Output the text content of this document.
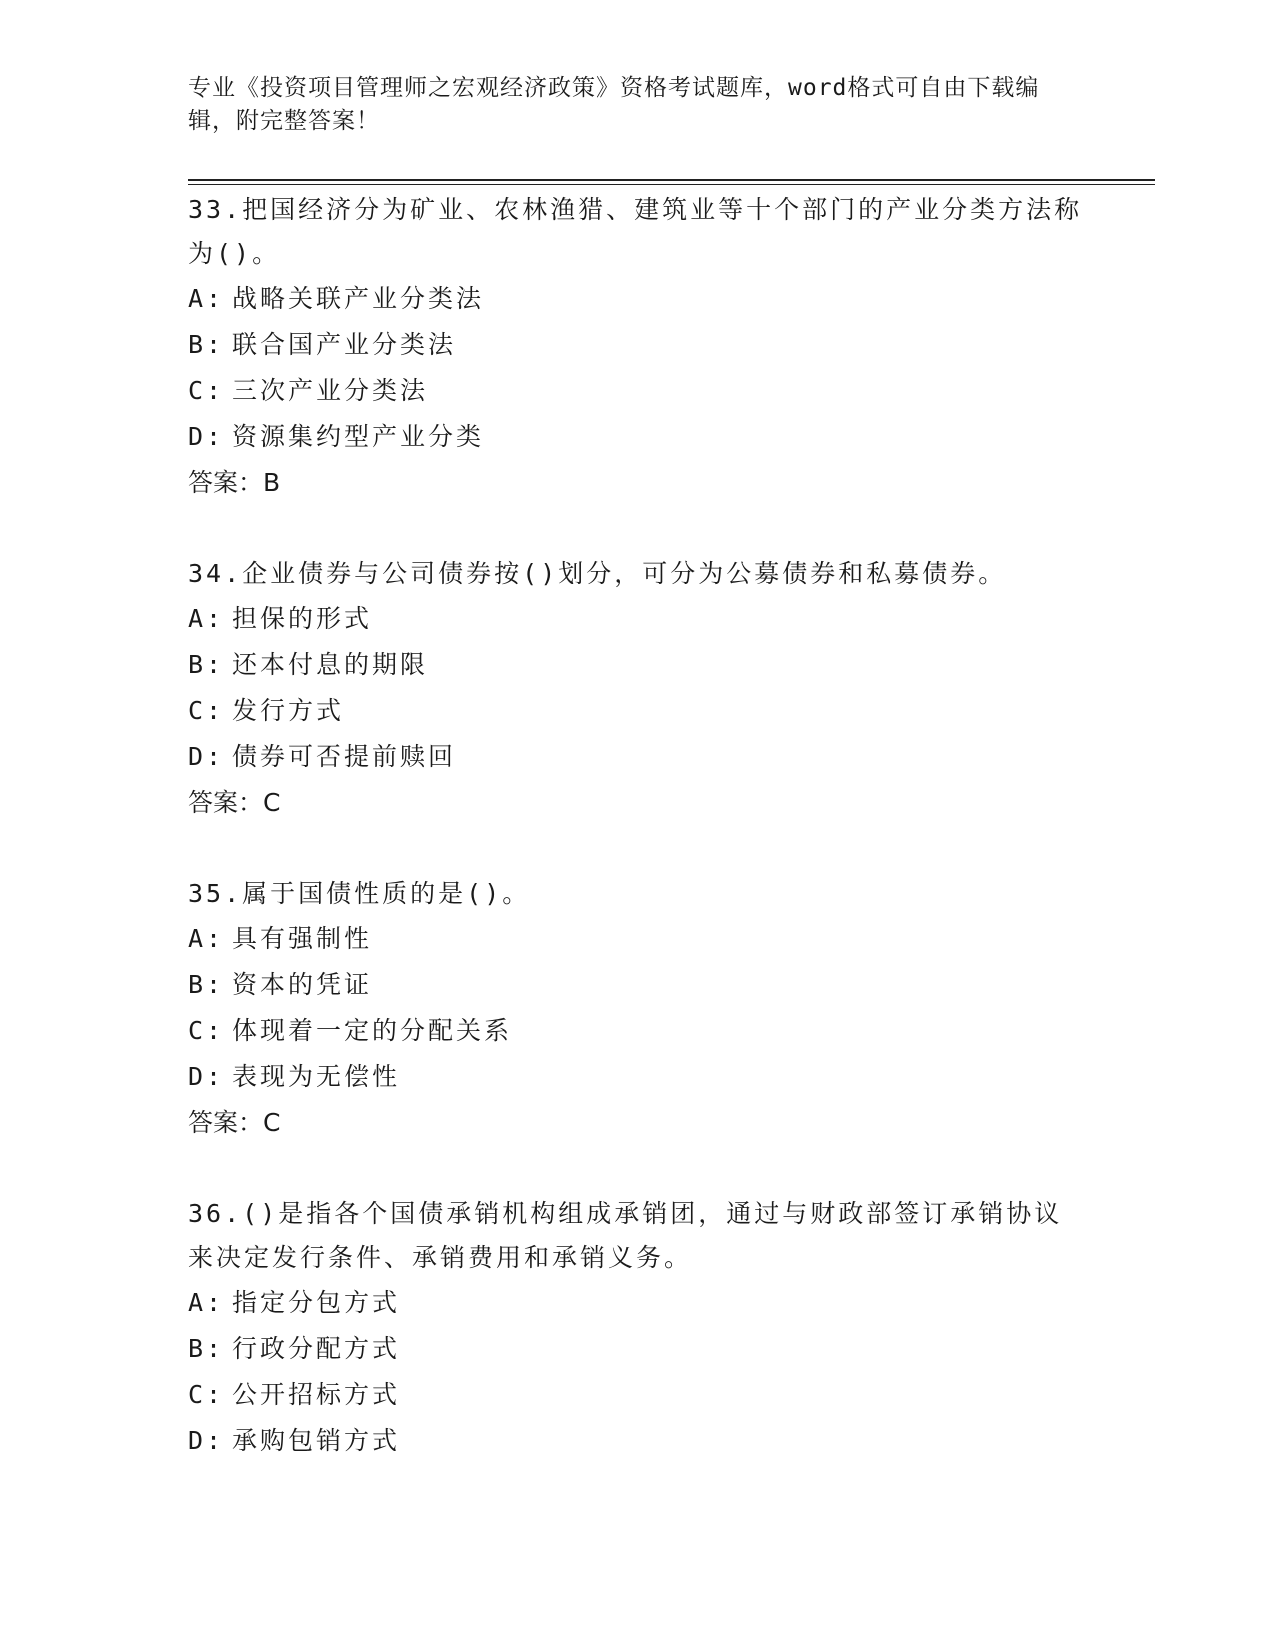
专业《投资项目管理师之宏观经济政策》资格考试题库，word格式可自由下载编辑，附完整答案！

33.把国经济分为矿业、农林渔猎、建筑业等十个部门的产业分类方法称为()。

A: 战略关联产业分类法
B: 联合国产业分类法
C: 三次产业分类法
D: 资源集约型产业分类
答案：B

34.企业债券与公司债券按()划分，可分为公募债券和私募债券。

A: 担保的形式
B: 还本付息的期限
C: 发行方式
D: 债券可否提前赎回
答案：C

35.属于国债性质的是()。

A: 具有强制性
B: 资本的凭证
C: 体现着一定的分配关系
D: 表现为无偿性
答案：C

36.()是指各个国债承销机构组成承销团，通过与财政部签订承销协议来决定发行条件、承销费用和承销义务。

A: 指定分包方式
B: 行政分配方式
C: 公开招标方式
D: 承购包销方式
